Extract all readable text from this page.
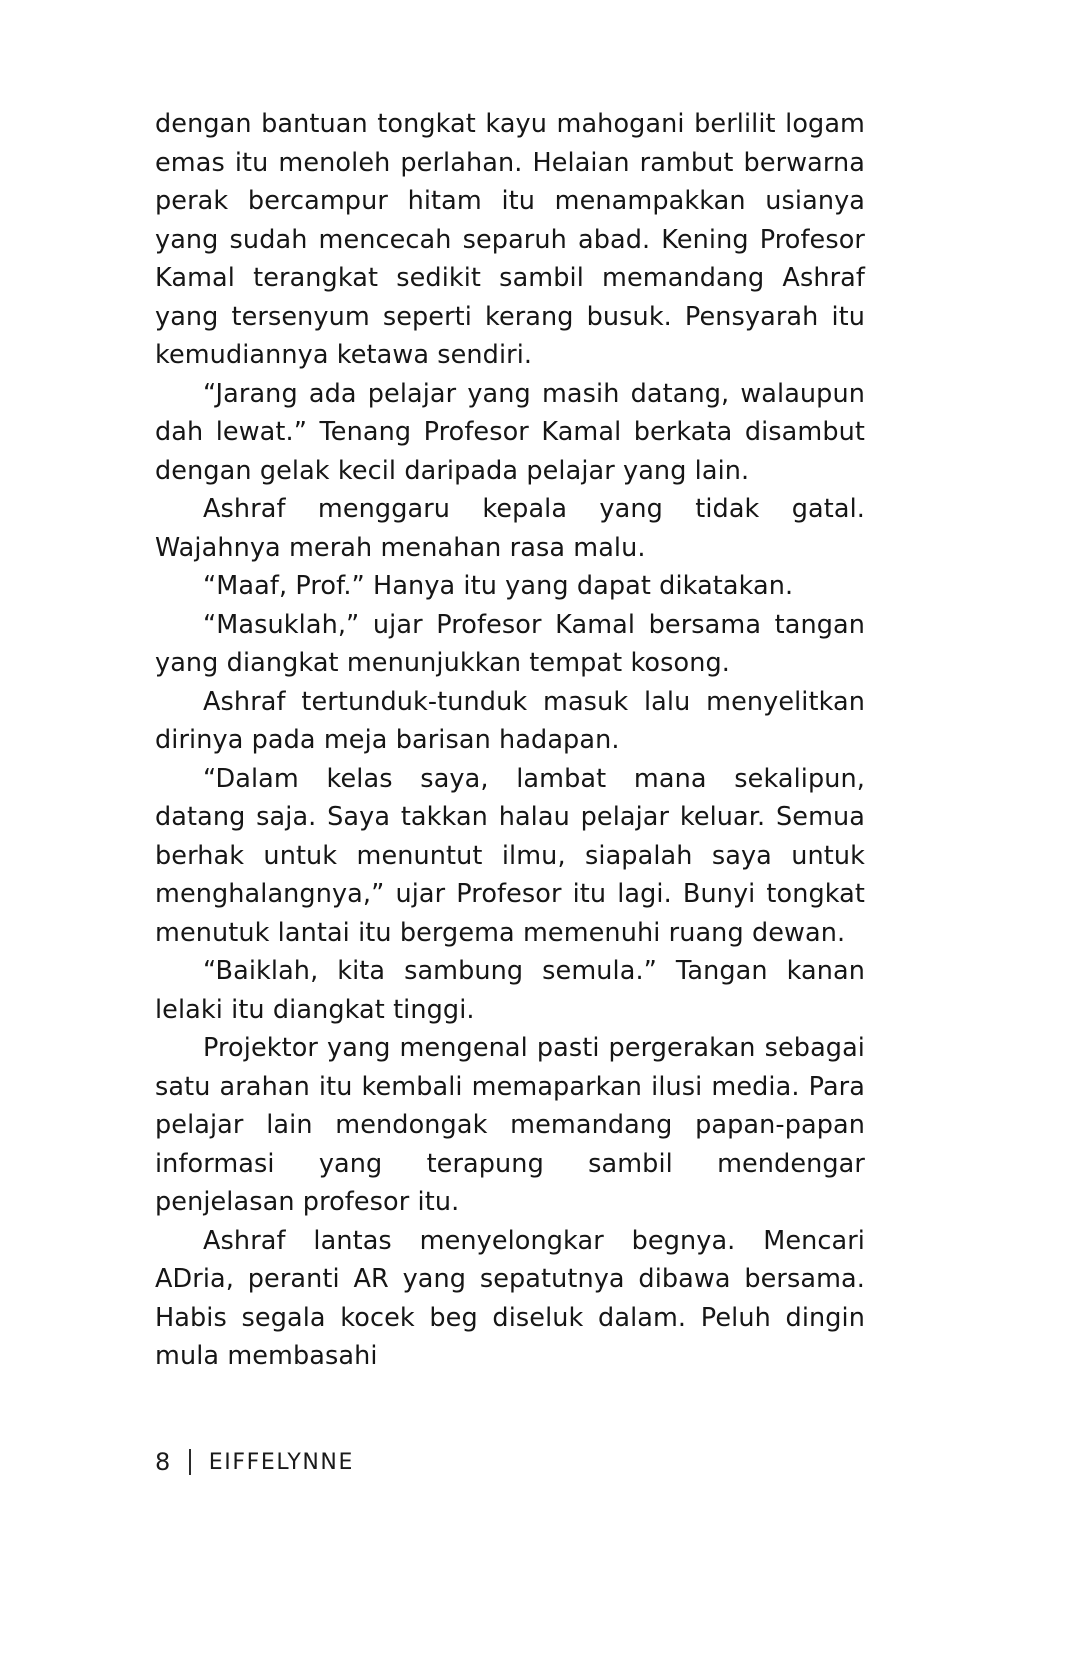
dengan bantuan tongkat kayu mahogani berlilit logam emas itu menoleh perlahan. Helaian rambut berwarna perak bercampur hitam itu menampakkan usianya yang sudah mencecah separuh abad. Kening Profesor Kamal terangkat sedikit sambil memandang Ashraf yang tersenyum seperti kerang busuk. Pensyarah itu kemudiannya ketawa sendiri.

“Jarang ada pelajar yang masih datang, walaupun dah lewat.” Tenang Profesor Kamal berkata disambut dengan gelak kecil daripada pelajar yang lain.

Ashraf menggaru kepala yang tidak gatal. Wajahnya merah menahan rasa malu.

“Maaf, Prof.” Hanya itu yang dapat dikatakan.

“Masuklah,” ujar Profesor Kamal bersama tangan yang diangkat menunjukkan tempat kosong.

Ashraf tertunduk-tunduk masuk lalu menyelitkan dirinya pada meja barisan hadapan.

“Dalam kelas saya, lambat mana sekalipun, datang saja. Saya takkan halau pelajar keluar. Semua berhak untuk menuntut ilmu, siapalah saya untuk menghalangnya,” ujar Profesor itu lagi. Bunyi tongkat menutuk lantai itu bergema memenuhi ruang dewan.

“Baiklah, kita sambung semula.” Tangan kanan lelaki itu diangkat tinggi.

Projektor yang mengenal pasti pergerakan sebagai satu arahan itu kembali memaparkan ilusi media. Para pelajar lain mendongak memandang papan-papan informasi yang terapung sambil mendengar penjelasan profesor itu.

Ashraf lantas menyelongkar begnya. Mencari ADria, peranti AR yang sepatutnya dibawa bersama. Habis segala kocek beg diseluk dalam. Peluh dingin mula membasahi

8 EIFFELYNNE
